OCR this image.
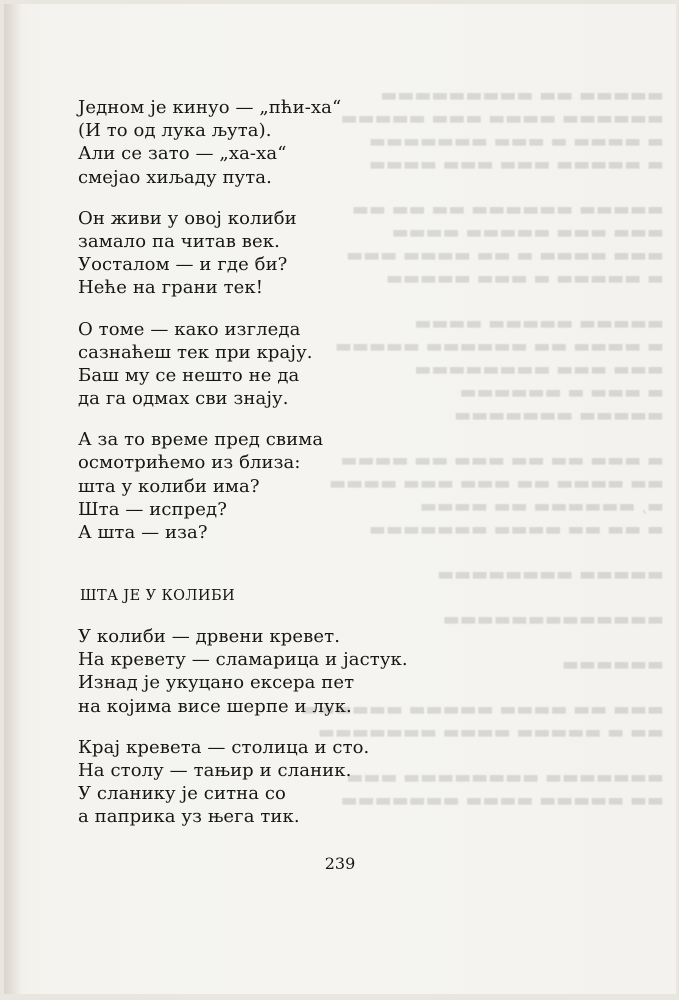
▬▬▬▬▬ ▬▬ ▬▬▬▬▬▬▬▬▬
▬▬▬▬▬▬ ▬▬▬▬ ▬▬▬ ▬▬▬▬▬
▬ ▬▬▬▬ ▬ ▬▬▬ ▬▬▬▬▬▬▬
▬ ▬▬▬▬▬ ▬▬▬ ▬▬▬ ▬▬▬▬
▬▬▬▬▬ ▬▬▬▬▬▬ ▬▬ ▬▬ ▬▬
▬▬▬ ▬▬▬ ▬▬▬▬▬ ▬▬▬▬
▬▬▬ ▬▬▬▬ ▬ ▬▬ ▬▬▬▬ ▬▬▬
▬ ▬▬▬▬▬ ▬ ▬▬▬ ▬▬▬▬▬
▬▬▬▬▬ ▬▬▬▬▬ ▬▬▬▬
▬ ▬▬▬▬ ▬▬ ▬▬▬▬▬▬ ▬▬▬▬▬
▬▬▬ ▬▬▬ ▬▬▬▬▬▬▬▬
▬ ▬▬▬ ▬ ▬▬▬▬▬▬
▬▬▬▬▬ ▬▬▬▬▬▬▬
▬ ▬▬▬ ▬▬ ▬▬ ▬▬▬ ▬▬ ▬▬▬▬
▬▬ ▬▬▬▬ ▬▬ ▬▬▬ ▬▬▬ ▬▬▬▬
▬, ▬▬▬▬▬▬ ▬▬ ▬▬▬▬
▬ ▬▬ ▬▬ ▬▬▬▬ ▬▬▬▬▬▬▬
▬▬▬▬▬ ▬▬▬▬▬▬▬▬
▬▬▬▬▬▬▬▬▬▬▬▬▬
▬▬▬▬▬▬
▬▬▬ ▬▬ ▬▬▬▬ ▬▬▬▬▬ ▬▬▬▬▬▬
▬▬ ▬ ▬▬▬▬▬ ▬▬▬▬ ▬▬▬▬▬▬▬
▬▬▬▬▬▬▬ ▬▬▬▬▬▬▬▬ ▬▬▬
▬▬ ▬▬▬▬▬ ▬▬▬▬ ▬▬▬▬▬▬▬
Једном је кинуо — „пћи-ха“
(И то од лука љута).
Али се зато — „ха-ха“
смејао хиљаду пута.
Он живи у овој колиби
замало па читав век.
Уосталом — и где би?
Неће на грани тек!
О томе — како изгледа
сазнаћеш тек при крају.
Баш му се нешто не да
да га одмах сви знају.
А за то време пред свима
осмотрићемо из близа:
шта у колиби има?
Шта — испред?
А шта — иза?
ШТА ЈЕ У КОЛИБИ
У колиби — дрвени кревет.
На кревету — сламарица и јастук.
Изнад је укуцано ексера пет
на којима висе шерпе и лук.
Крај кревета — столица и сто.
На столу — тањир и сланик.
У сланику је ситна со
а паприка уз њега тик.
239
